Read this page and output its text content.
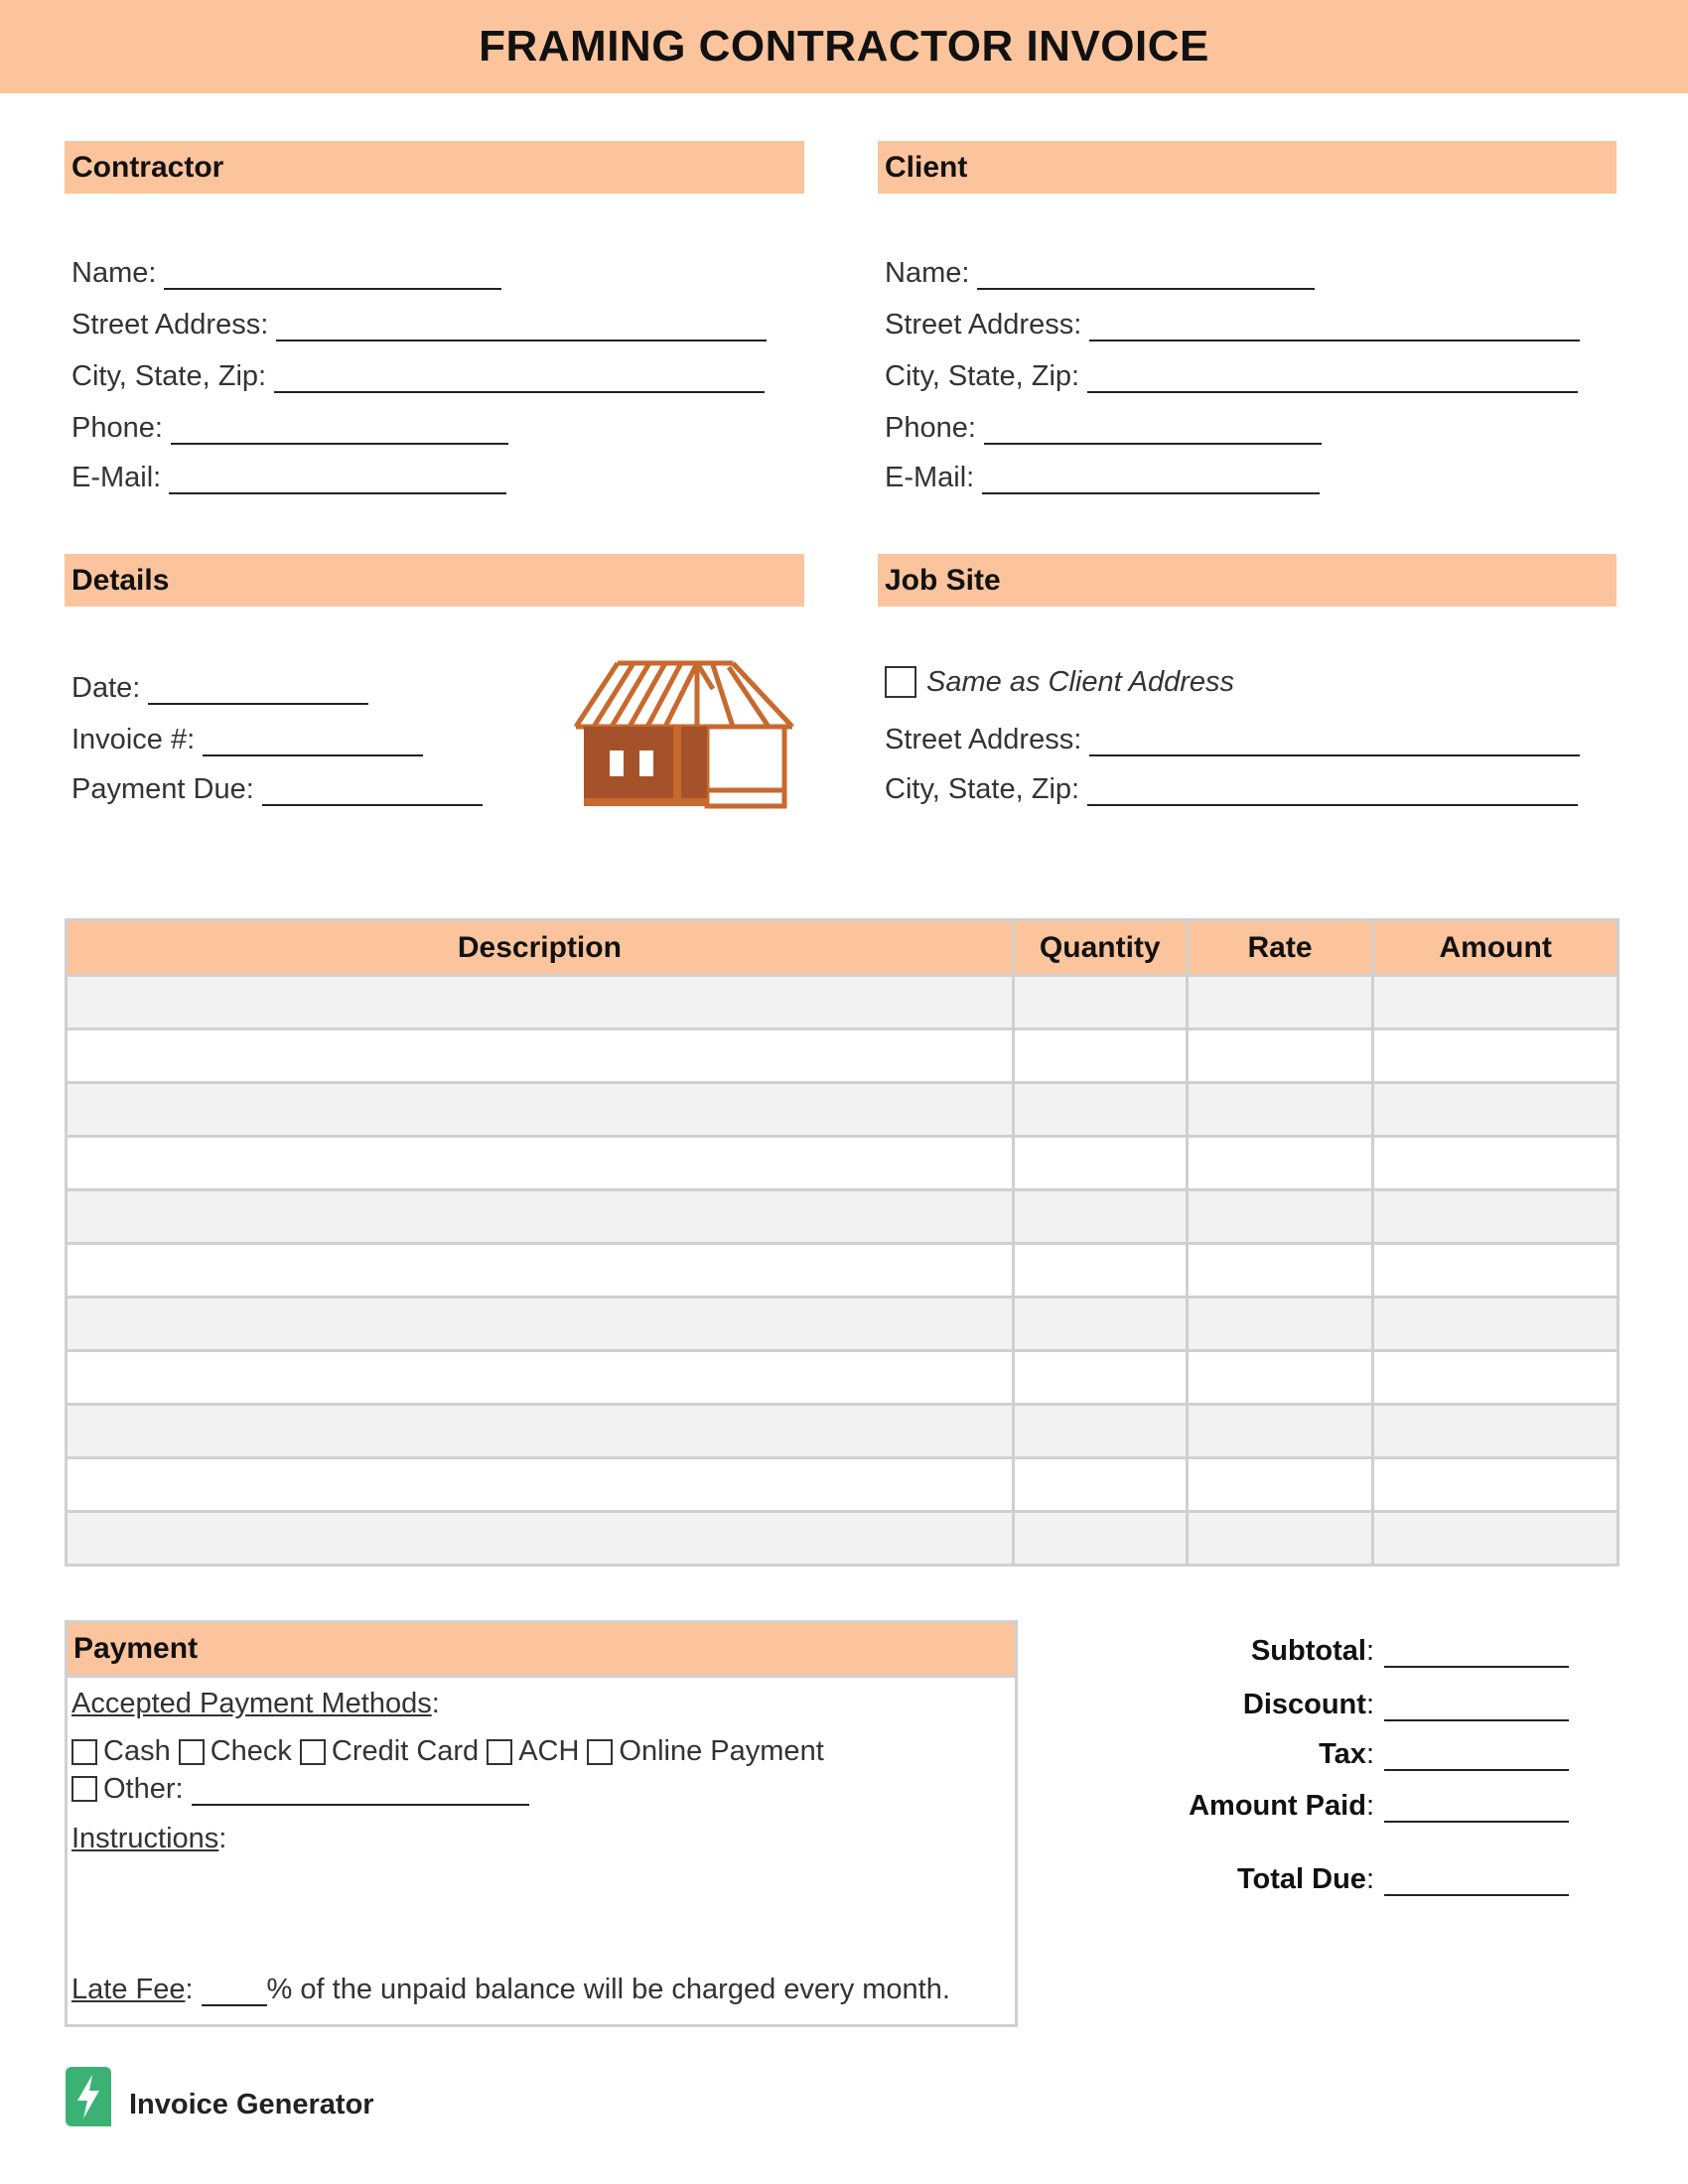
FRAMING CONTRACTOR INVOICE
Contractor
Name:
Street Address:
City, State, Zip:
Phone:
E-Mail:
Client
Name:
Street Address:
City, State, Zip:
Phone:
E-Mail:
Details
Date:
Invoice #:
Payment Due:
Job Site
Same as Client Address
Street Address:
City, State, Zip:
Description	Quantity	Rate	Amount

Payment
Accepted Payment Methods:
Cash Check Credit Card ACH Online Payment
Other:
Instructions:
Late Fee :	% of the unpaid balance will be charged every month.
Subtotal :
Discount :
Tax :
Amount Paid :
Total Due :
Invoice Generator
